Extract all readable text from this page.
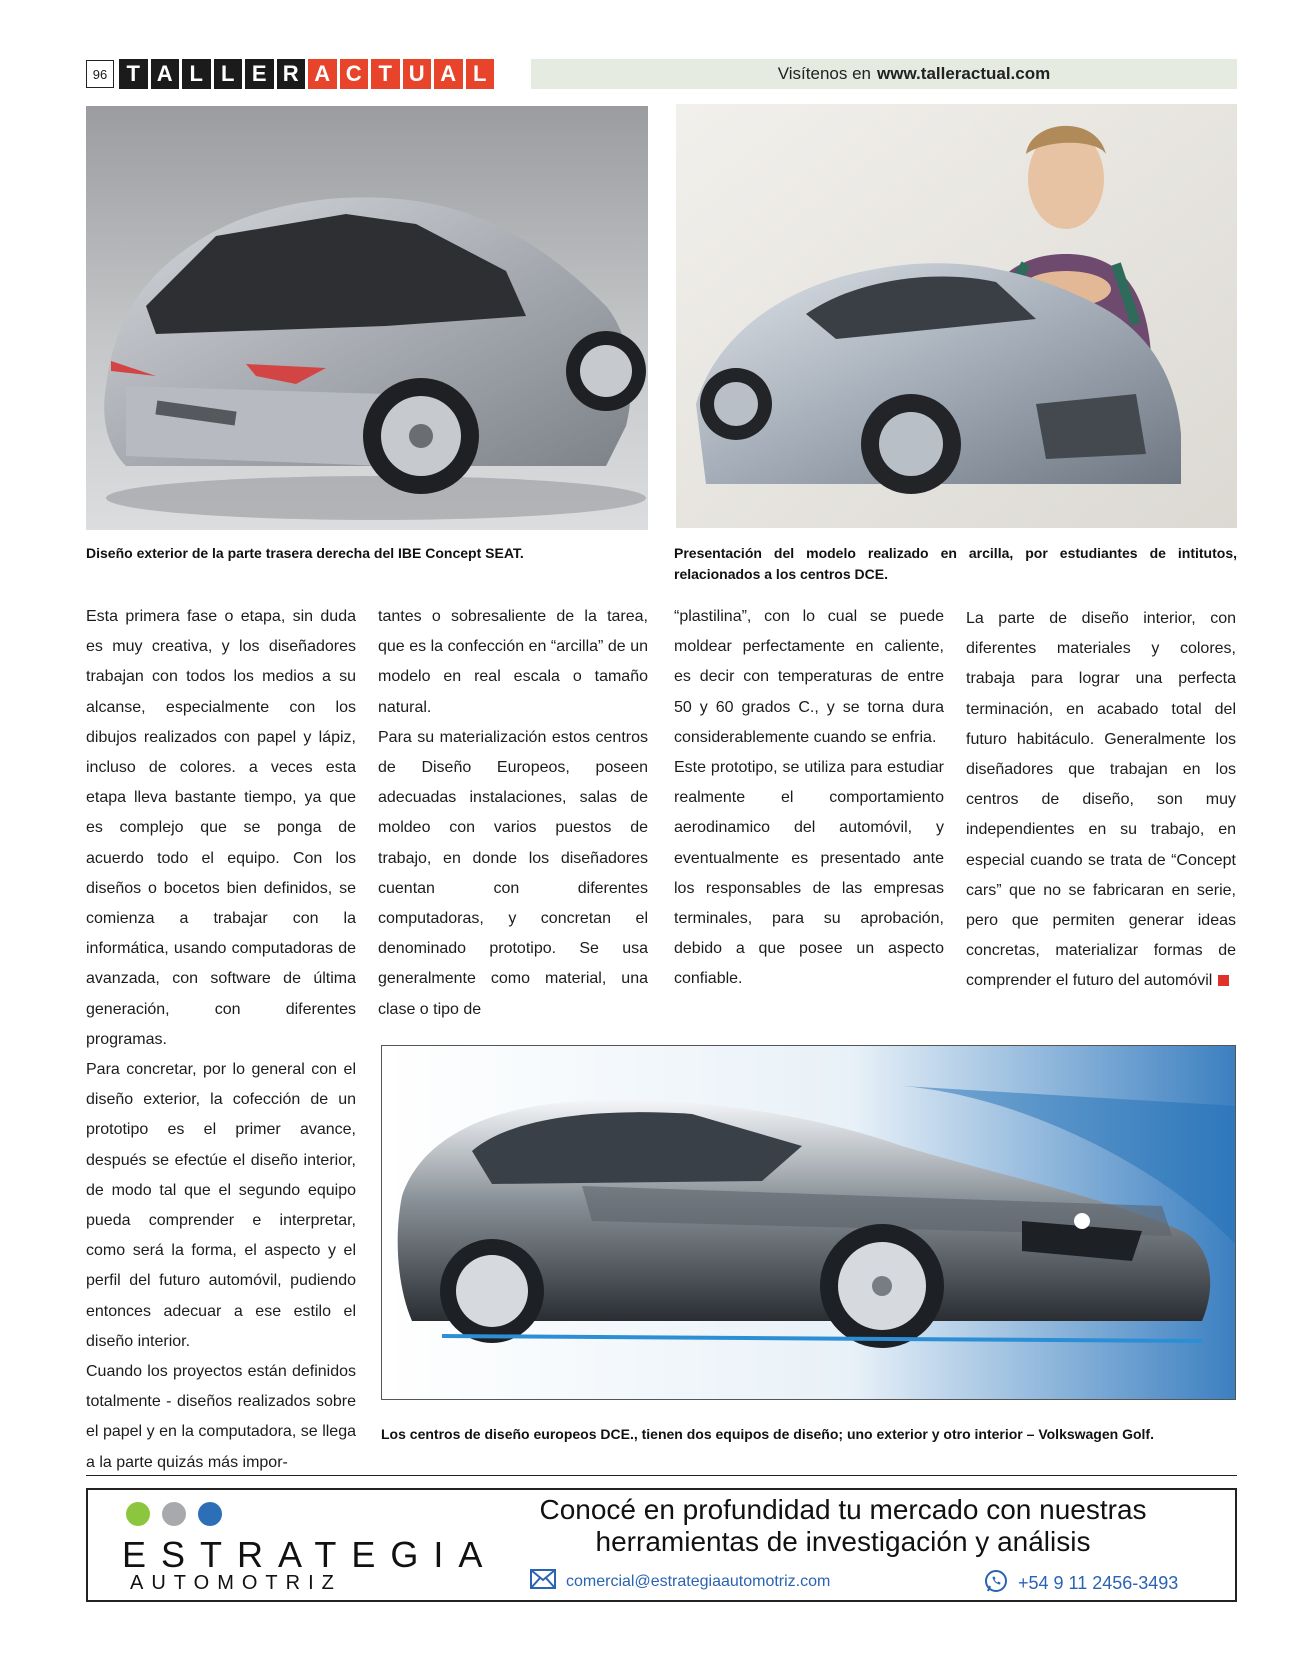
96 T A L L E R A C T U A L	Visítenos en www.talleractual.com
Diseño exterior de la parte trasera derecha del IBE Concept SEAT.	Presentación del modelo realizado en arcilla, por estudiantes de intitutos, relacionados a los centros DCE.

Esta primera fase o etapa, sin duda es muy creativa, y los diseñadores trabajan con todos los medios a su alcanse, especialmente con los dibujos realizados con papel y lápiz, incluso de colores. a veces esta etapa lleva bastante tiempo, ya que es complejo que se ponga de acuerdo todo el equipo. Con los diseños o bocetos bien definidos, se comienza a trabajar con la informática, usando computadoras de avanzada, con software de última generación, con diferentes programas.

Para concretar, por lo general con el diseño exterior, la cofección de un prototipo es el primer avance, después se efectúe el diseño interior, de modo tal que el segundo equipo pueda comprender e interpretar, como será la forma, el aspecto y el perfil del futuro automóvil, pudiendo entonces adecuar a ese estilo el diseño interior.

Cuando los proyectos están definidos totalmente - diseños realizados sobre el papel y en la computadora, se llega a la parte quizás más impor-

tantes o sobresaliente de la tarea, que es la confección en “arcilla” de un modelo en real escala o tamaño natural.

Para su materialización estos centros de Diseño Europeos, poseen adecuadas instalaciones, salas de moldeo con varios puestos de trabajo, en donde los diseñadores cuentan con diferentes computadoras, y concretan el denominado prototipo. Se usa generalmente como material, una clase o tipo de

“plastilina”, con lo cual se puede moldear perfectamente en caliente, es decir con temperaturas de entre 50 y 60 grados C., y se torna dura considerablemente cuando se enfria.

Este prototipo, se utiliza para estudiar realmente el comportamiento aerodinamico del automóvil, y eventualmente es presentado ante los responsables de las empresas terminales, para su aprobación, debido a que posee un aspecto confiable.

La parte de diseño interior, con diferentes materiales y colores, trabaja para lograr una perfecta terminación, en acabado total del futuro habitáculo. Generalmente los diseñadores que trabajan en los centros de diseño, son muy independientes en su trabajo, en especial cuando se trata de “Concept cars” que no se fabricaran en serie, pero que permiten generar ideas concretas, materializar formas de comprender el futuro del automóvil

Los centros de diseño europeos DCE., tienen dos equipos de diseño; uno exterior y otro interior – Volkswagen Golf.
ESTRATEGIA
AUTOMOTRIZ
Conocé en profundidad tu mercado con nuestras
herramientas de investigación y análisis
comercial@estrategiaautomotriz.com	+54 9 11 2456-3493
